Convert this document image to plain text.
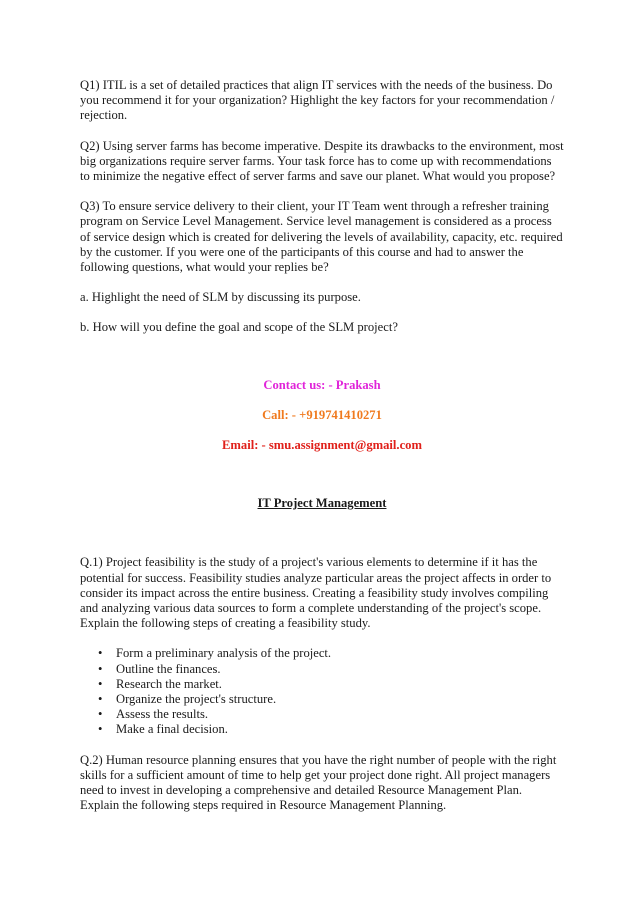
Q1) ITIL is a set of detailed practices that align IT services with the needs of the business. Do you recommend it for your organization? Highlight the key factors for your recommendation / rejection.

Q2) Using server farms has become imperative. Despite its drawbacks to the environment, most big organizations require server farms. Your task force has to come up with recommendations to minimize the negative effect of server farms and save our planet. What would you propose?

Q3) To ensure service delivery to their client, your IT Team went through a refresher training program on Service Level Management. Service level management is considered as a process of service design which is created for delivering the levels of availability, capacity, etc. required by the customer. If you were one of the participants of this course and had to answer the following questions, what would your replies be?

a. Highlight the need of SLM by discussing its purpose.

b. How will you define the goal and scope of the SLM project?

Contact us: - Prakash

Call: - +919741410271

Email: - smu.assignment@gmail.com

IT Project Management

Q.1) Project feasibility is the study of a project's various elements to determine if it has the potential for success. Feasibility studies analyze particular areas the project affects in order to consider its impact across the entire business. Creating a feasibility study involves compiling and analyzing various data sources to form a complete understanding of the project's scope. Explain the following steps of creating a feasibility study.

• Form a preliminary analysis of the project.
• Outline the finances.
• Research the market.
• Organize the project's structure.
• Assess the results.
• Make a final decision.

Q.2) Human resource planning ensures that you have the right number of people with the right skills for a sufficient amount of time to help get your project done right. All project managers need to invest in developing a comprehensive and detailed Resource Management Plan. Explain the following steps required in Resource Management Planning.
